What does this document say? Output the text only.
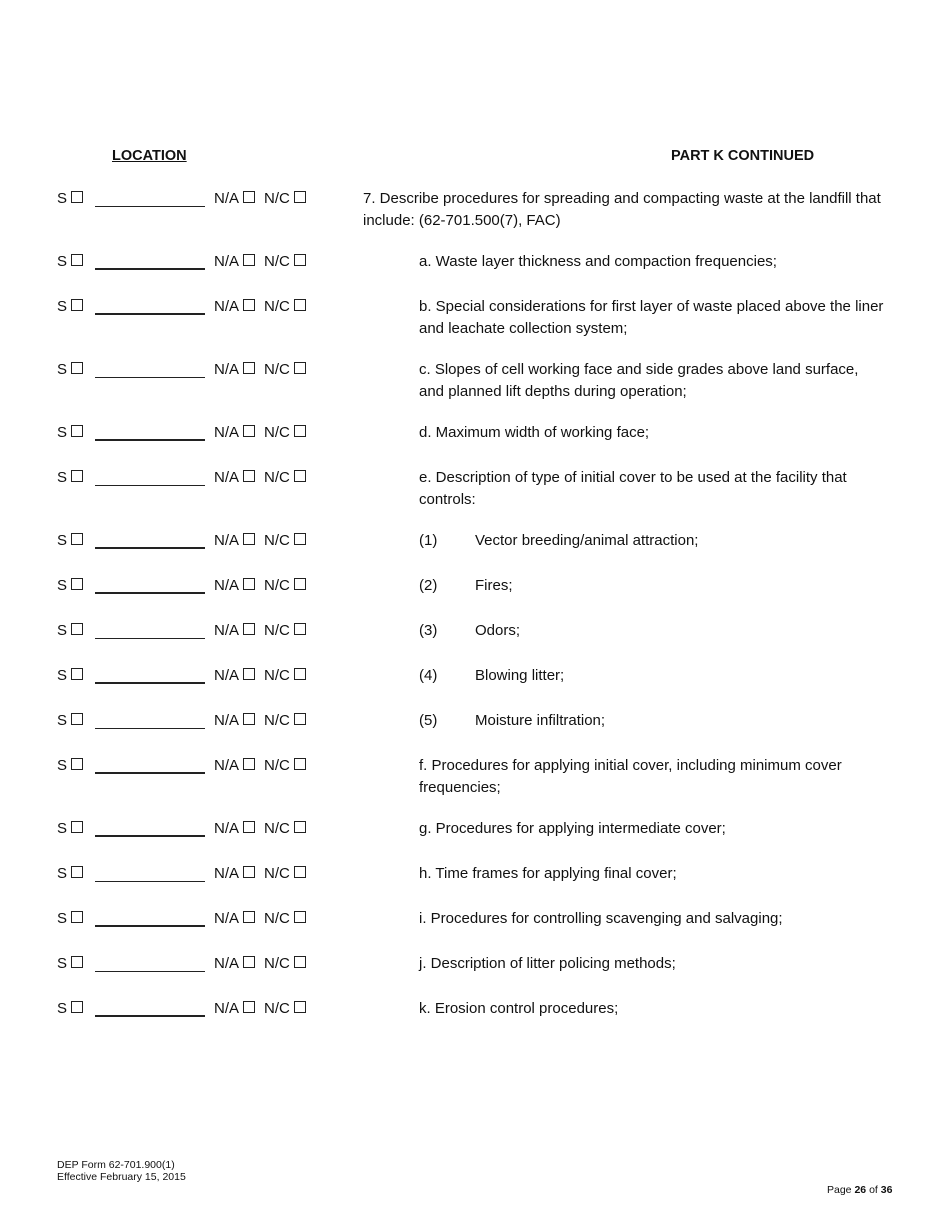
LOCATION	PART K CONTINUED
S	N/A N/C	7. Describe procedures for spreading and compacting waste at the landfill that include: (62-701.500(7), FAC)
S	N/A N/C	a. Waste layer thickness and compaction frequencies;
S	N/A N/C	b. Special considerations for first layer of waste placed above the liner and leachate collection system;
S	N/A N/C	c. Slopes of cell working face and side grades above land surface, and planned lift depths during operation;
S	N/A N/C	d. Maximum width of working face;
S	N/A N/C	e. Description of type of initial cover to be used at the facility that controls:
S	N/A N/C	(1)	Vector breeding/animal attraction;
S	N/A N/C	(2)	Fires;
S	N/A N/C	(3)	Odors;
S	N/A N/C	(4)	Blowing litter;
S	N/A N/C	(5)	Moisture infiltration;
S	N/A N/C	f. Procedures for applying initial cover, including minimum cover frequencies;
S	N/A N/C	g. Procedures for applying intermediate cover;
S	N/A N/C	h. Time frames for applying final cover;
S	N/A N/C	i. Procedures for controlling scavenging and salvaging;
S	N/A N/C	j. Description of litter policing methods;
S	N/A N/C	k. Erosion control procedures;
DEP Form 62-701.900(1)
Effective February 15, 2015
Page 26 of 36
